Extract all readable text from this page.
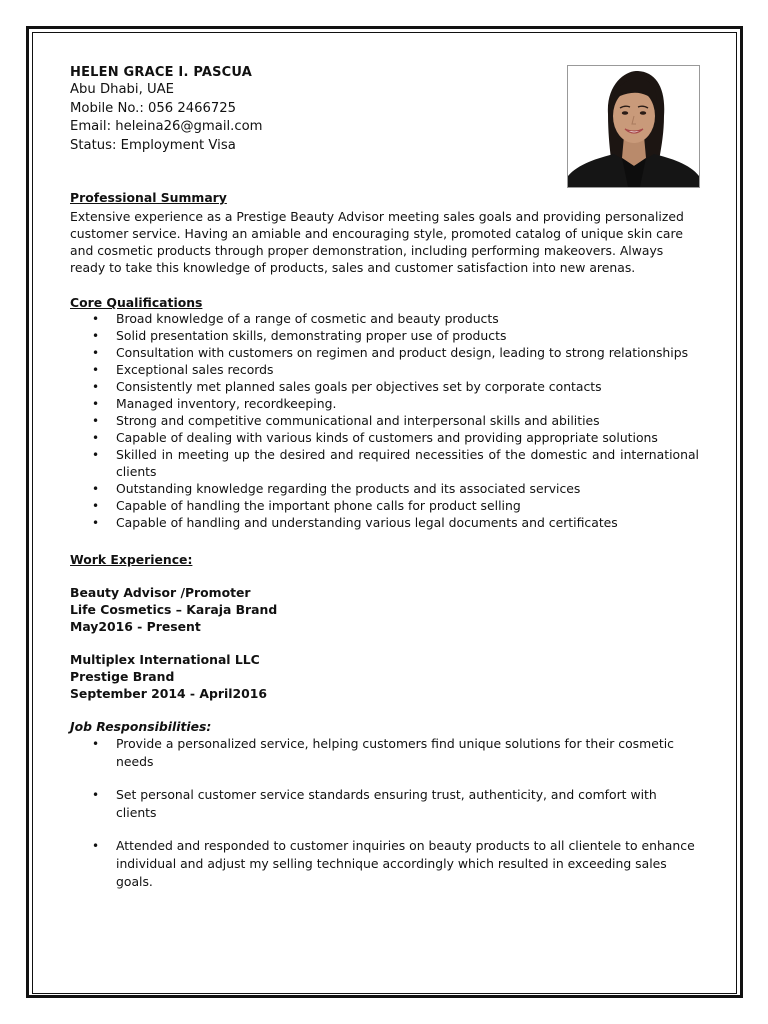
HELEN GRACE I. PASCUA
Abu Dhabi, UAE
Mobile No.: 056 2466725
Email: heleina26@gmail.com
Status: Employment Visa
Professional Summary
Extensive experience as a Prestige Beauty Advisor meeting sales goals and providing personalized customer service. Having an amiable and encouraging style, promoted catalog of unique skin care and cosmetic products through proper demonstration, including performing makeovers. Always ready to take this knowledge of products, sales and customer satisfaction into new arenas.
Core Qualifications
• Broad knowledge of a range of cosmetic and beauty products
• Solid presentation skills, demonstrating proper use of products
• Consultation with customers on regimen and product design, leading to strong relationships
• Exceptional sales records
• Consistently met planned sales goals per objectives set by corporate contacts
• Managed inventory, recordkeeping.
• Strong and competitive communicational and interpersonal skills and abilities
• Capable of dealing with various kinds of customers and providing appropriate solutions
• Skilled in meeting up the desired and required necessities of the domestic and international clients
• Outstanding knowledge regarding the products and its associated services
• Capable of handling the important phone calls for product selling
• Capable of handling and understanding various legal documents and certificates
Work Experience:
Beauty Advisor /Promoter
Life Cosmetics – Karaja Brand
May2016 - Present
Multiplex International LLC
Prestige Brand
September 2014 - April2016
Job Responsibilities:
• Provide a personalized service, helping customers find unique solutions for their cosmetic needs
• Set personal customer service standards ensuring trust, authenticity, and comfort with clients
• Attended and responded to customer inquiries on beauty products to all clientele to enhance individual and adjust my selling technique accordingly which resulted in exceeding sales goals.
